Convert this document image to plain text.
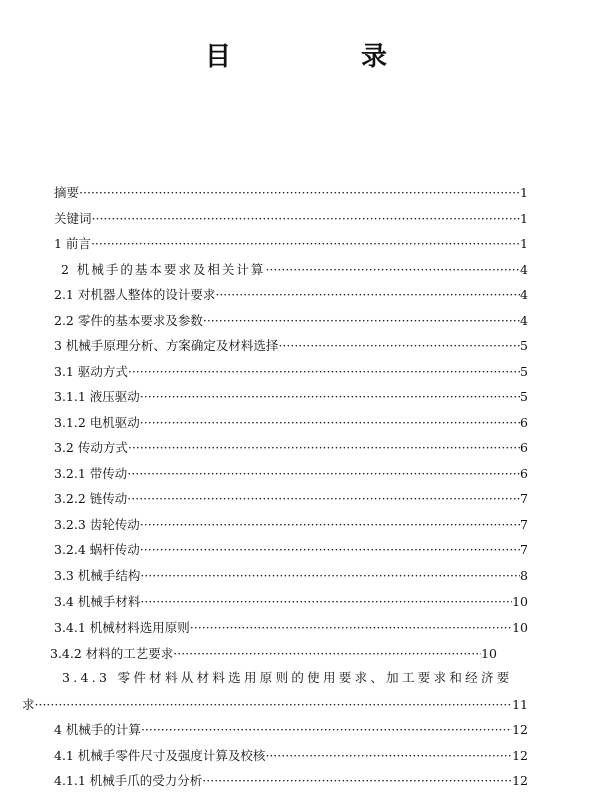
目　录
摘要 ·····	1
关键词 ·····	1
1 前言 ·····	1
2 机械手的基本要求及相关计算 ·····	4
2.1 对机器人整体的设计要求 ·····	4
2.2 零件的基本要求及参数 ·····	4
3 机械手原理分析、方案确定及材料选择 ·····	5
3.1 驱动方式 ·····	5
3.1.1 液压驱动 ·····	5
3.1.2 电机驱动 ·····	6
3.2 传动方式 ·····	6
3.2.1 带传动 ·····	6
3.2.2 链传动 ·····	7
3.2.3 齿轮传动 ·····	7
3.2.4 蜗杆传动 ·····	7
3.3 机械手结构 ·····	8
3.4 机械手材料 ·····	10
3.4.1 机械材料选用原则 ·····	10
3.4.2 材料的工艺要求 ·····	10
3.4.3 零件材料从材料选用原则的使用要求、加工要求和经济要
求 ·····	11
4 机械手的计算 ·····	12
4.1 机械手零件尺寸及强度计算及校核 ·····	12
4.1.1 机械手爪的受力分析 ·····	12
